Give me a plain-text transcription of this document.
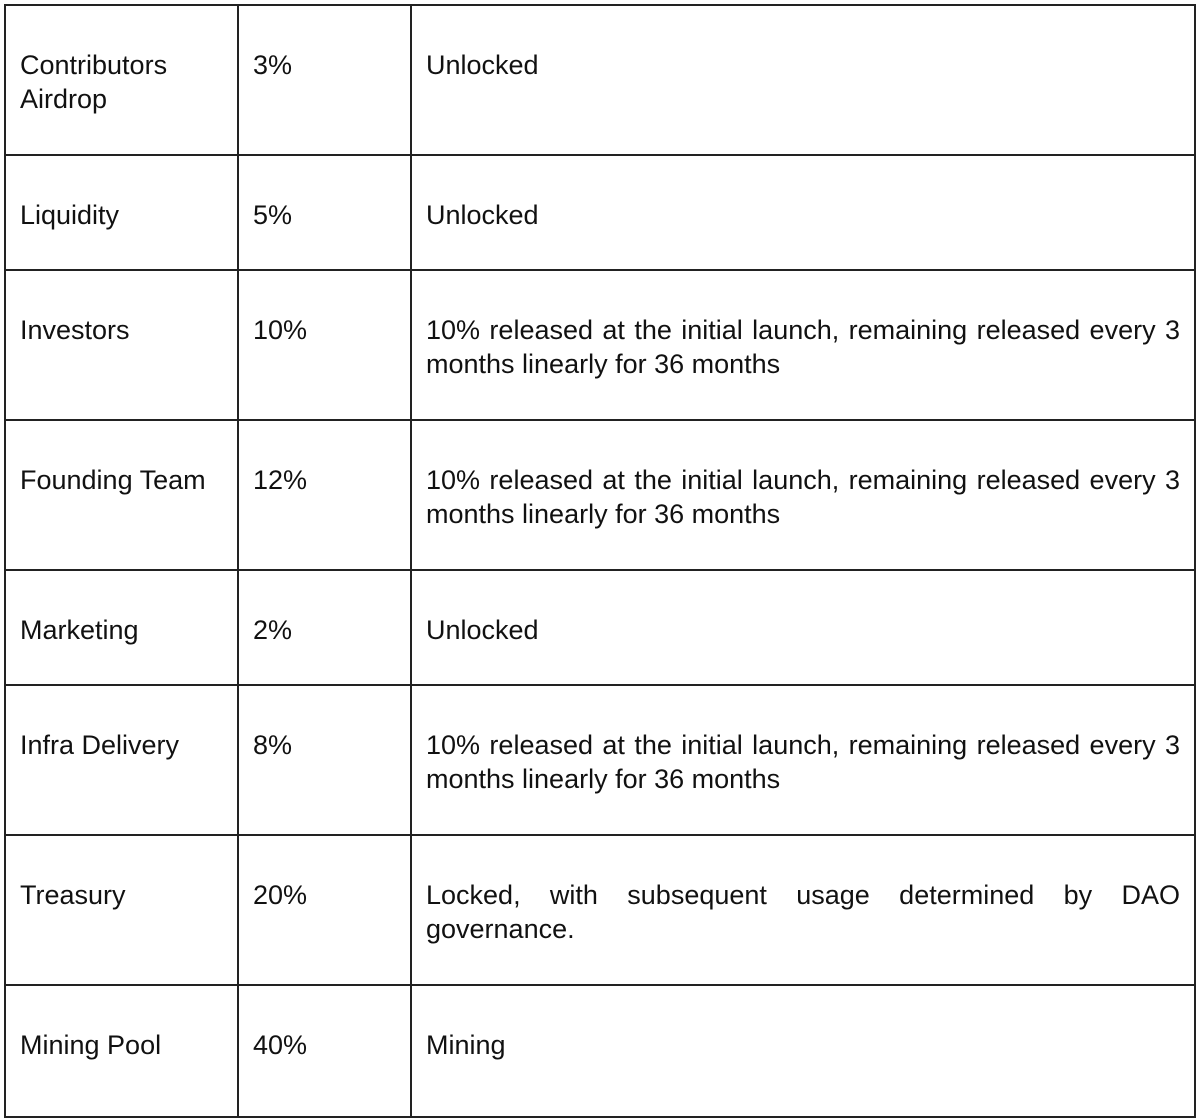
Contributors Airdrop	3%	Unlocked
Liquidity	5%	Unlocked
Investors	10%	10% released at the initial launch, remaining released every 3 months linearly for 36 months
Founding Team	12%	10% released at the initial launch, remaining released every 3 months linearly for 36 months
Marketing	2%	Unlocked
Infra Delivery	8%	10% released at the initial launch, remaining released every 3 months linearly for 36 months
Treasury	20%	Locked, with subsequent usage determined by DAO governance.
Mining Pool	40%	Mining
